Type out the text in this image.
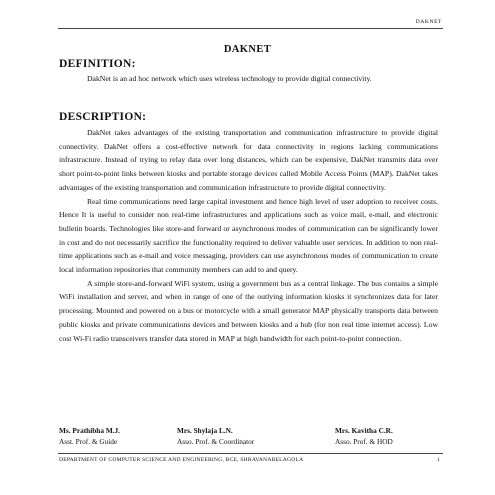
DAKNET
DAKNET
DEFINITION:

DakNet is an ad hoc network which uses wireless technology to provide digital connectivity.

DESCRIPTION:

DakNet takes advantages of the existing transportation and communication infrastructure to provide digital connectivity. DakNet offers a cost-effective network for data connectivity in regions lacking communications infrastructure. Instead of trying to relay data over long distances, which can be expensive, DakNet transmits data over short point-to-point links between kiosks and portable storage devices called Mobile Access Points (MAP). DakNet takes advantages of the existing transportation and communication infrastructure to provide digital connectivity.

Real time communications need large capital investment and hence high level of user adoption to receiver costs. Hence It is useful to consider non real-time infrastructures and applications such as voice mail, e-mail, and electronic bulletin boards. Technologies like store-and forward or asynchronous modes of communication can be significantly lower in cost and do not necessarily sacrifice the functionality required to deliver valuable user services. In addition to non real-time applications such as e-mail and voice messaging, providers can use asynchronous modes of communication to create local information repositories that community members can add to and query.

A simple store-and-forward WiFi system, using a government bus as a central linkage. The bus contains a simple WiFi installation and server, and when in range of one of the outlying information kiosks it synchronizes data for later processing. Mounted and powered on a bus or motorcycle with a small generator MAP physically transports data between public kiosks and private communications devices and between kiosks and a hub (for non real time internet access). Low cost Wi-Fi radio transceivers transfer data stored in MAP at high bandwidth for each point-to-point connection.

Ms. Prathibha M.J.
Asst. Prof. & Guide
Mrs. Shylaja L.N.
Asso. Prof. & Coordinator
Mrs. Kavitha C.R.
Asso. Prof. & HOD
DEPARTMENT OF COMPUTER SCIENCE AND ENGINEERING, BCE, SHRAVANABELAGOLA	1
